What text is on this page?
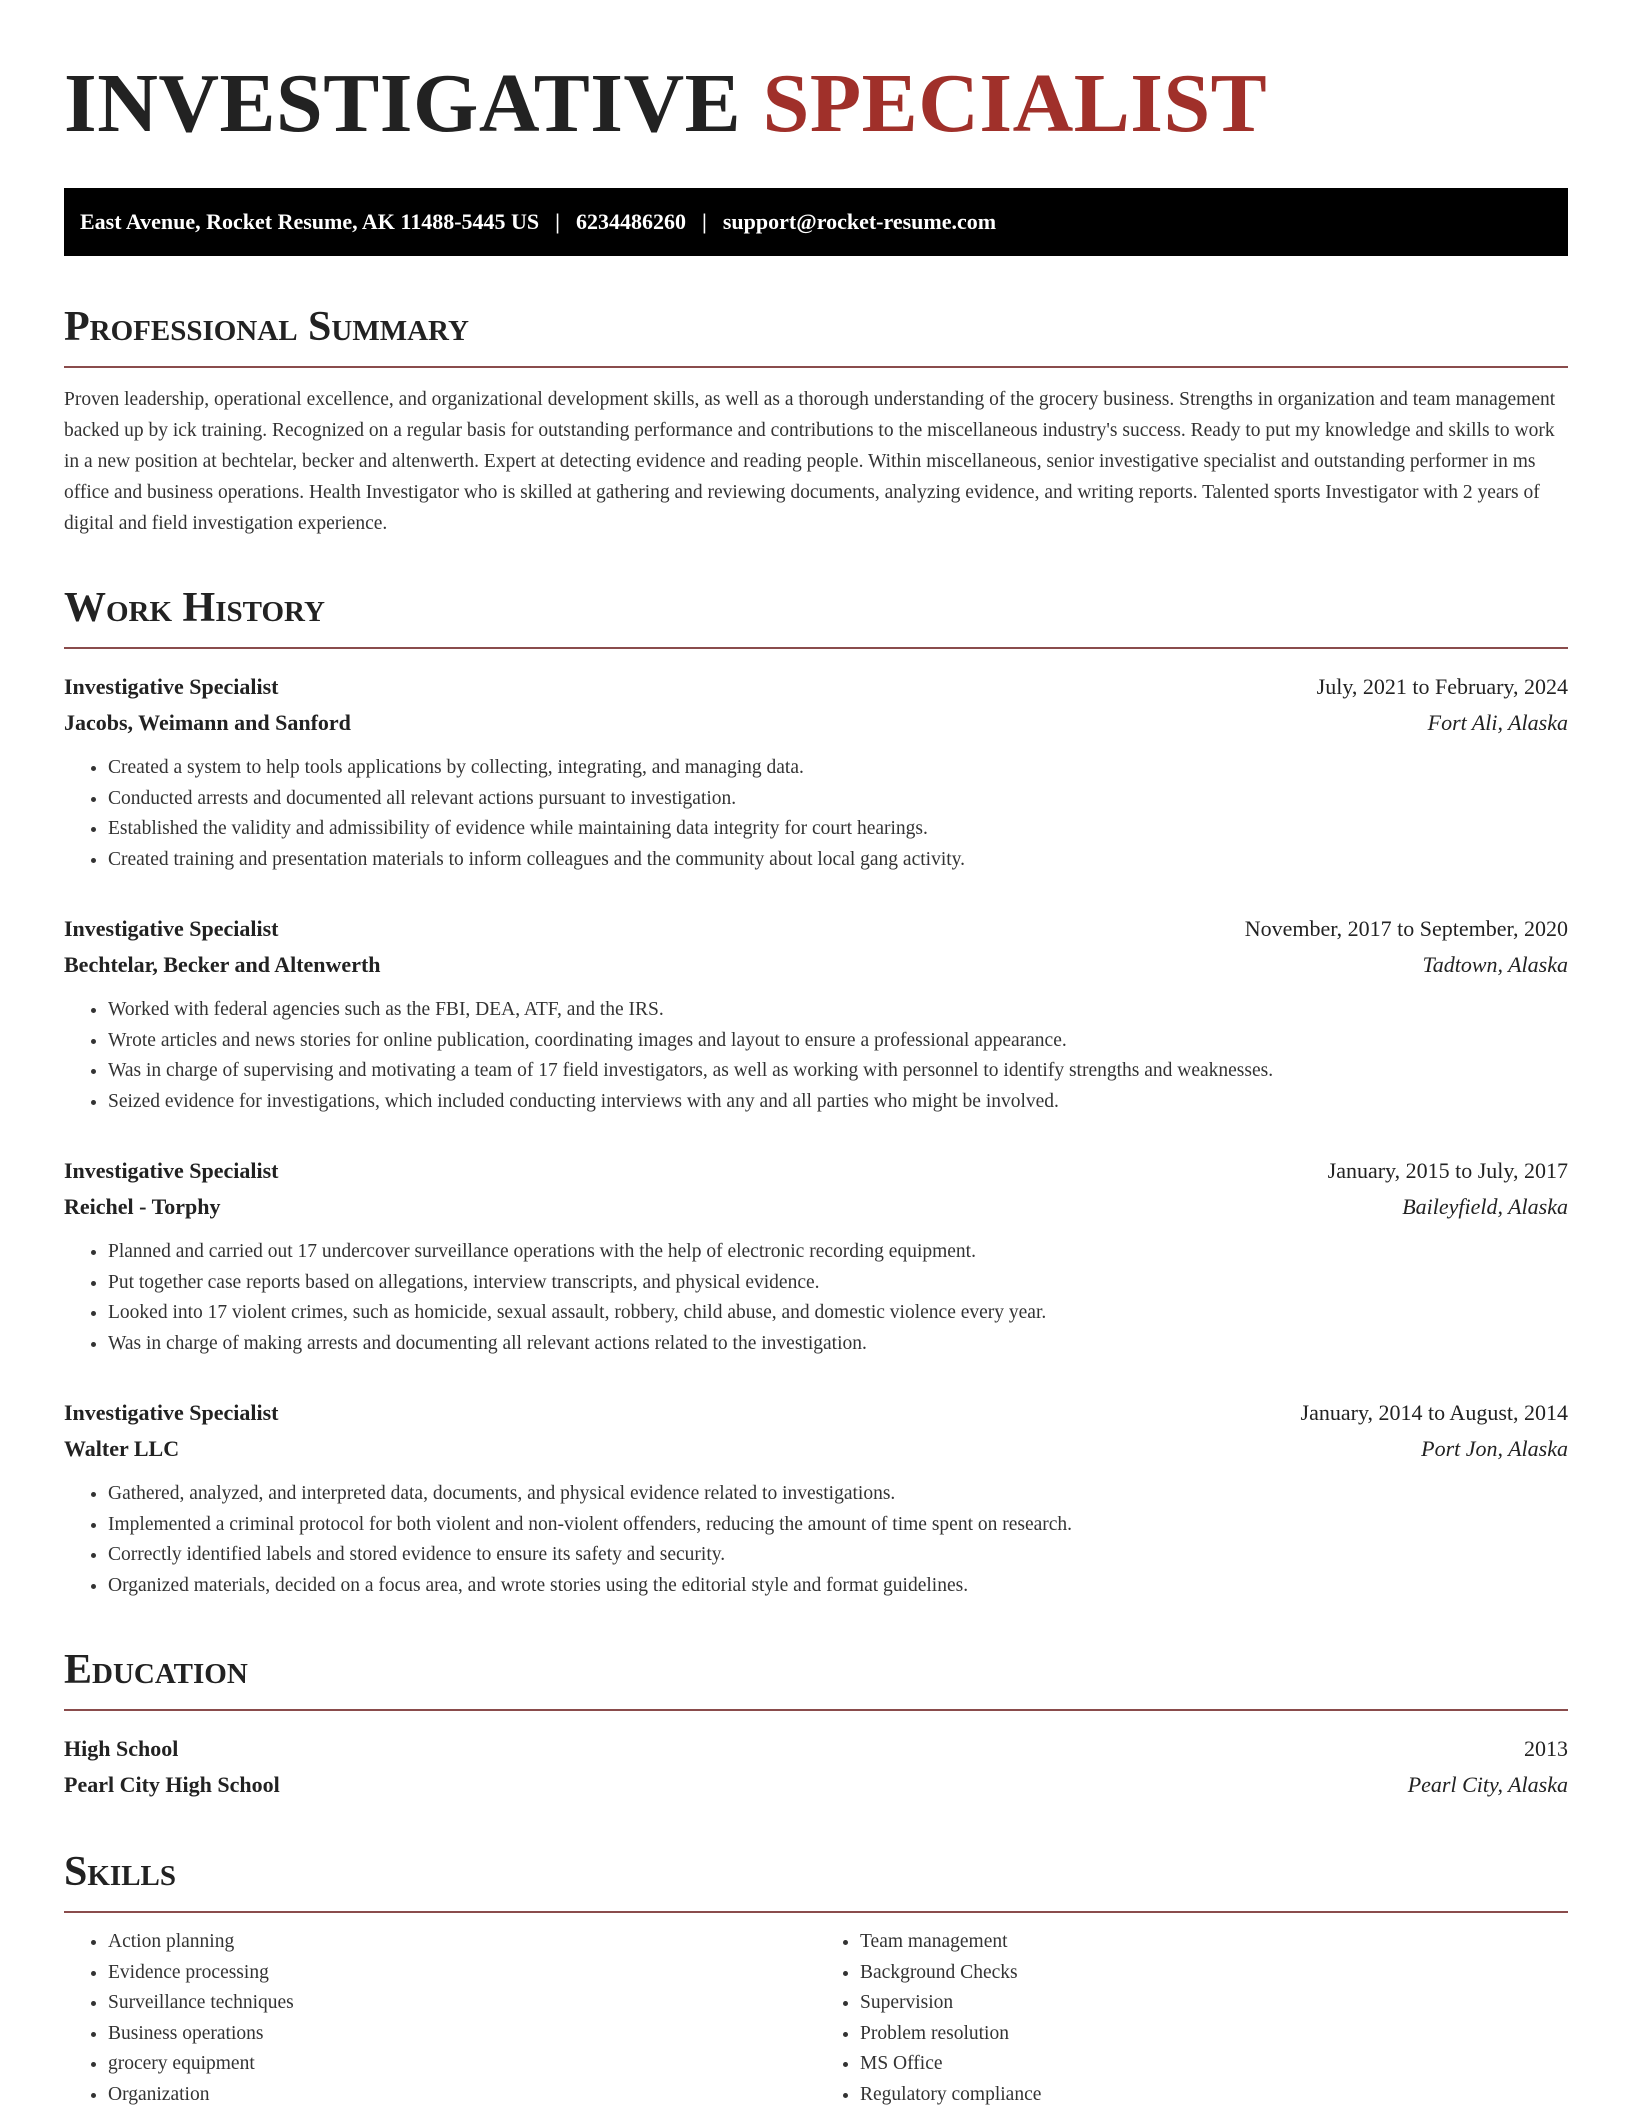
INVESTIGATIVE SPECIALIST
East Avenue, Rocket Resume, AK 11488-5445 US | 6234486260 | support@rocket-resume.com
Professional Summary

Proven leadership, operational excellence, and organizational development skills, as well as a thorough understanding of the grocery business. Strengths in organization and team management backed up by ick training. Recognized on a regular basis for outstanding performance and contributions to the miscellaneous industry's success. Ready to put my knowledge and skills to work in a new position at bechtelar, becker and altenwerth. Expert at detecting evidence and reading people. Within miscellaneous, senior investigative specialist and outstanding performer in ms office and business operations. Health Investigator who is skilled at gathering and reviewing documents, analyzing evidence, and writing reports. Talented sports Investigator with 2 years of digital and field investigation experience.

Work History
Investigative Specialist	July, 2021 to February, 2024
Jacobs, Weimann and Sanford	Fort Ali, Alaska
• Created a system to help tools applications by collecting, integrating, and managing data.
• Conducted arrests and documented all relevant actions pursuant to investigation.
• Established the validity and admissibility of evidence while maintaining data integrity for court hearings.
• Created training and presentation materials to inform colleagues and the community about local gang activity.
Investigative Specialist	November, 2017 to September, 2020
Bechtelar, Becker and Altenwerth	Tadtown, Alaska
• Worked with federal agencies such as the FBI, DEA, ATF, and the IRS.
• Wrote articles and news stories for online publication, coordinating images and layout to ensure a professional appearance.
• Was in charge of supervising and motivating a team of 17 field investigators, as well as working with personnel to identify strengths and weaknesses.
• Seized evidence for investigations, which included conducting interviews with any and all parties who might be involved.
Investigative Specialist	January, 2015 to July, 2017
Reichel - Torphy	Baileyfield, Alaska
• Planned and carried out 17 undercover surveillance operations with the help of electronic recording equipment.
• Put together case reports based on allegations, interview transcripts, and physical evidence.
• Looked into 17 violent crimes, such as homicide, sexual assault, robbery, child abuse, and domestic violence every year.
• Was in charge of making arrests and documenting all relevant actions related to the investigation.
Investigative Specialist	January, 2014 to August, 2014
Walter LLC	Port Jon, Alaska
• Gathered, analyzed, and interpreted data, documents, and physical evidence related to investigations.
• Implemented a criminal protocol for both violent and non-violent offenders, reducing the amount of time spent on research.
• Correctly identified labels and stored evidence to ensure its safety and security.
• Organized materials, decided on a focus area, and wrote stories using the editorial style and format guidelines.
Education
High School	2013
Pearl City High School	Pearl City, Alaska
Skills
• Action planning
• Evidence processing
• Surveillance techniques
• Business operations
• grocery equipment
• Organization
• Team management
• Background Checks
• Supervision
• Problem resolution
• MS Office
• Regulatory compliance
